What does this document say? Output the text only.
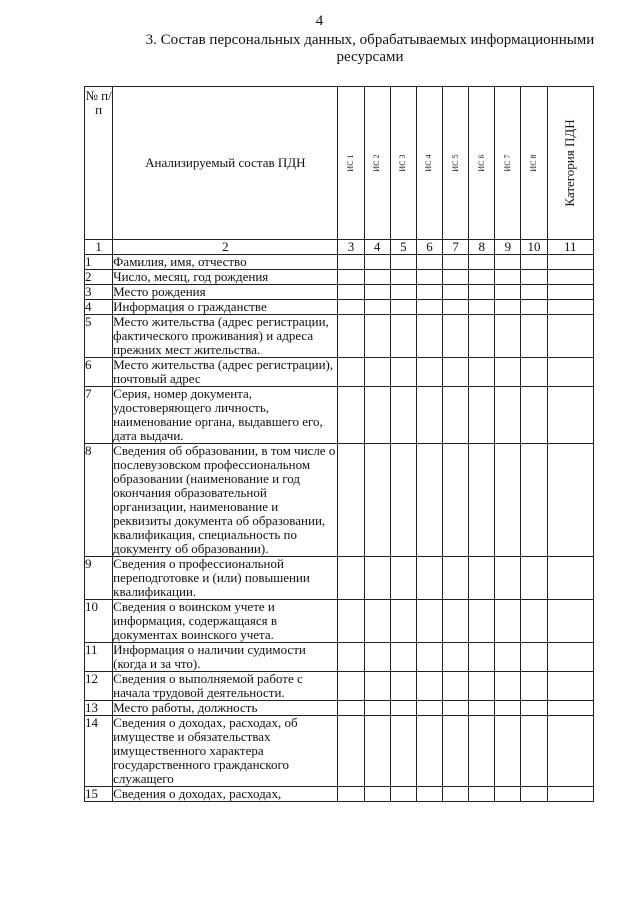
4
3. Состав персональных данных, обрабатываемых информационными ресурсами
№ п/п	Анализируемый состав ПДН	ИС 1	ИС 2	ИС 3	ИС 4	ИС 5	ИС 6	ИС 7	ИС 8	Категория ПДН

1	2	3	4	5	6	7	8	9	10	11
1	Фамилия, имя, отчество									
2	Число, месяц, год рождения									
3	Место рождения									
4	Информация о гражданстве									
5	Место жительства (адрес регистрации, фактического проживания) и адреса прежних мест жительства.									
6	Место жительства (адрес регистрации), почтовый адрес									
7	Серия, номер документа, удостоверяющего личность, наименование органа, выдавшего его, дата выдачи.									
8	Сведения об образовании, в том числе о послевузовском профессиональном образовании (наименование и год окончания образовательной организации, наименование и реквизиты документа об образовании, квалификация, специальность по документу об образовании).									
9	Сведения о профессиональной переподготовке и (или) повышении квалификации.									
10	Сведения о воинском учете и информация, содержащаяся в документах воинского учета.									
11	Информация о наличии судимости (когда и за что).									
12	Сведения о выполняемой работе с начала трудовой деятельности.									
13	Место работы, должность									
14	Сведения о доходах, расходах, об имуществе и обязательствах имущественного характера государственного гражданского служащего									
15	Сведения о доходах, расходах,									
